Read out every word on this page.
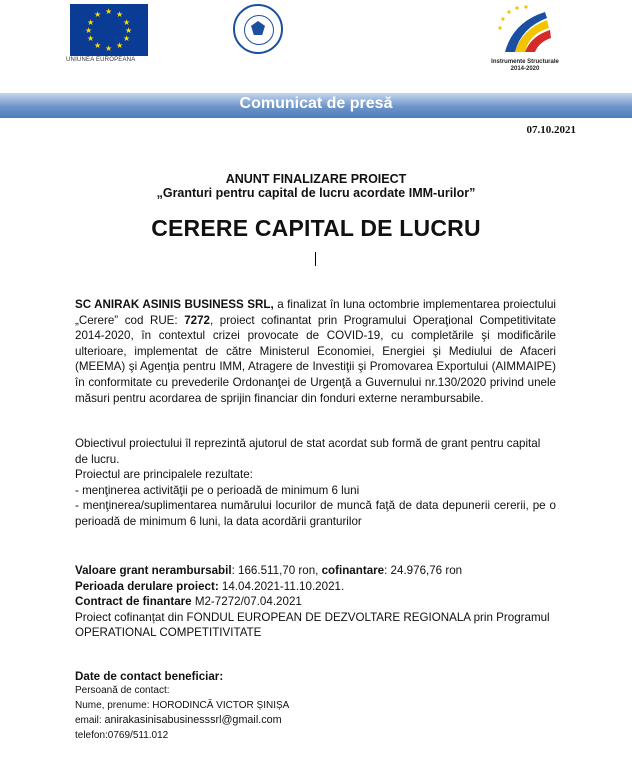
★ ★
★
★
★
★
★
★
★
★
★
★
UNIUNEA EUROPEANĂ	Instrumente Structurale
2014-2020
Comunicat de presă
07.10.2021
ANUNT FINALIZARE PROIECT
„Granturi pentru capital de lucru acordate IMM-urilor”
CERERE CAPITAL DE LUCRU
SC ANIRAK ASINIS BUSINESS SRL, a finalizat în luna octombrie implementarea proiectului „Cerere” cod RUE: 7272, proiect cofinantat prin Programului Operaţional Competitivitate 2014-2020, în contextul crizei provocate de COVID-19, cu completările şi modificările ulterioare, implementat de către Ministerul Economiei, Energiei şi Mediului de Afaceri (MEEMA) şi Agenţia pentru IMM, Atragere de Investiţii şi Promovarea Exportului (AIMMAIPE) în conformitate cu prevederile Ordonanţei de Urgenţă a Guvernului nr.130/2020 privind unele măsuri pentru acordarea de sprijin financiar din fonduri externe nerambursabile.
Obiectivul proiectului îl reprezintă ajutorul de stat acordat sub formă de grant pentru capital de lucru.
Proiectul are principalele rezultate:
- menţinerea activităţii pe o perioadă de minimum 6 luni
- menţinerea/suplimentarea numărului locurilor de muncă faţă de data depunerii cererii, pe o perioadă de minimum 6 luni, la data acordării granturilor
Valoare grant nerambursabil: 166.511,70 ron, cofinantare: 24.976,76 ron
Perioada derulare proiect: 14.04.2021-11.10.2021.
Contract de finantare M2-7272/07.04.2021
Proiect cofinanțat din FONDUL EUROPEAN DE DEZVOLTARE REGIONALA prin Programul OPERATIONAL COMPETITIVITATE
Date de contact beneficiar:
Persoană de contact:
Nume, prenume: HORODINCĂ VICTOR ȘINIȘA
email: anirakasinisabusinesssrl@gmail.com
telefon:0769/511.012
